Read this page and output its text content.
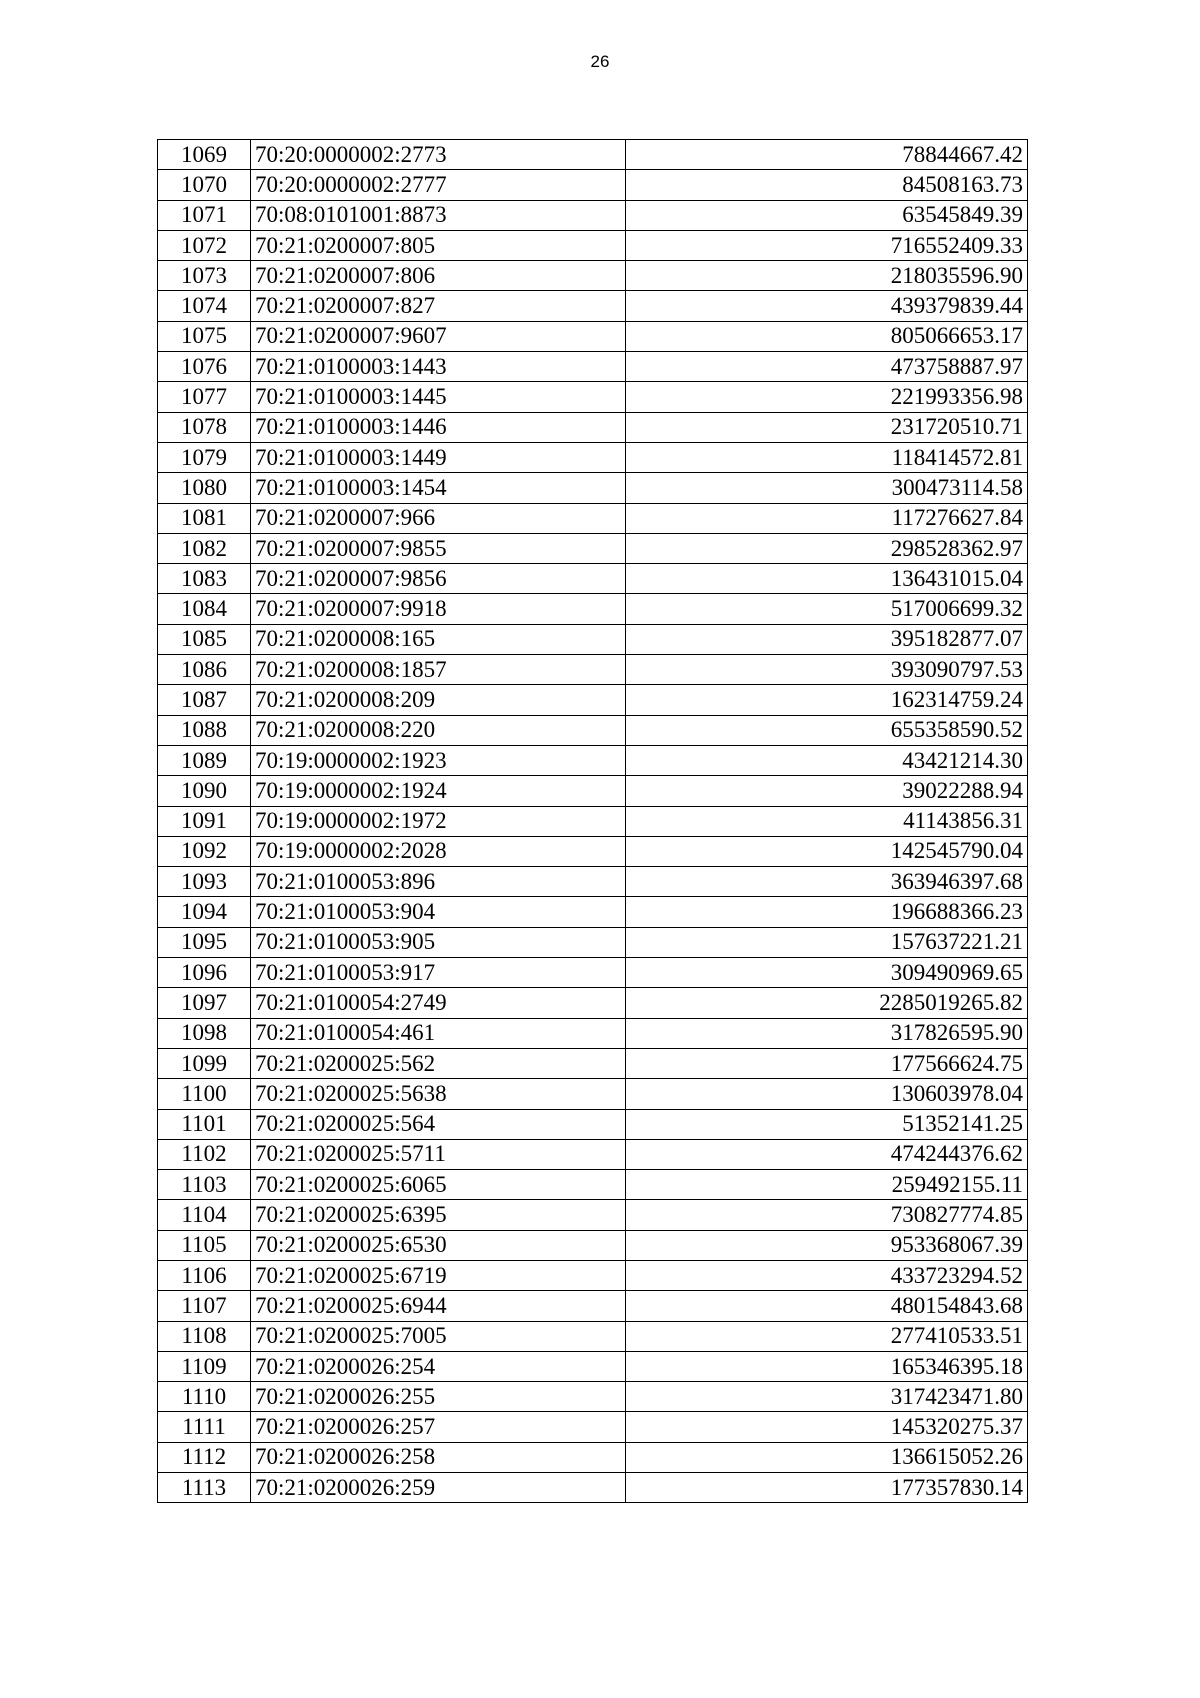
26
1069	70:20:0000002:2773	78844667.42
1070	70:20:0000002:2777	84508163.73
1071	70:08:0101001:8873	63545849.39
1072	70:21:0200007:805	716552409.33
1073	70:21:0200007:806	218035596.90
1074	70:21:0200007:827	439379839.44
1075	70:21:0200007:9607	805066653.17
1076	70:21:0100003:1443	473758887.97
1077	70:21:0100003:1445	221993356.98
1078	70:21:0100003:1446	231720510.71
1079	70:21:0100003:1449	118414572.81
1080	70:21:0100003:1454	300473114.58
1081	70:21:0200007:966	117276627.84
1082	70:21:0200007:9855	298528362.97
1083	70:21:0200007:9856	136431015.04
1084	70:21:0200007:9918	517006699.32
1085	70:21:0200008:165	395182877.07
1086	70:21:0200008:1857	393090797.53
1087	70:21:0200008:209	162314759.24
1088	70:21:0200008:220	655358590.52
1089	70:19:0000002:1923	43421214.30
1090	70:19:0000002:1924	39022288.94
1091	70:19:0000002:1972	41143856.31
1092	70:19:0000002:2028	142545790.04
1093	70:21:0100053:896	363946397.68
1094	70:21:0100053:904	196688366.23
1095	70:21:0100053:905	157637221.21
1096	70:21:0100053:917	309490969.65
1097	70:21:0100054:2749	2285019265.82
1098	70:21:0100054:461	317826595.90
1099	70:21:0200025:562	177566624.75
1100	70:21:0200025:5638	130603978.04
1101	70:21:0200025:564	51352141.25
1102	70:21:0200025:5711	474244376.62
1103	70:21:0200025:6065	259492155.11
1104	70:21:0200025:6395	730827774.85
1105	70:21:0200025:6530	953368067.39
1106	70:21:0200025:6719	433723294.52
1107	70:21:0200025:6944	480154843.68
1108	70:21:0200025:7005	277410533.51
1109	70:21:0200026:254	165346395.18
1110	70:21:0200026:255	317423471.80
1111	70:21:0200026:257	145320275.37
1112	70:21:0200026:258	136615052.26
1113	70:21:0200026:259	177357830.14
